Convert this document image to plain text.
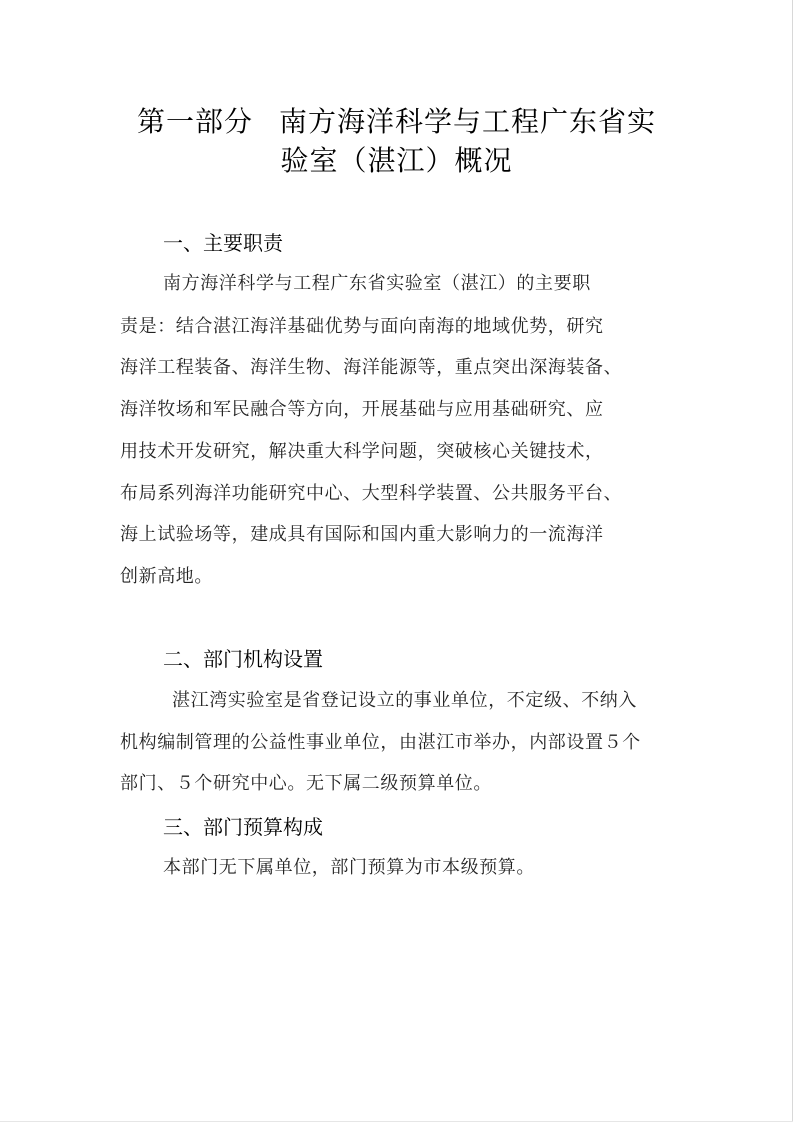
第一部分 南方海洋科学与工程广东省实
验室（湛江）概况
一、主要职责
南方海洋科学与工程广东省实验室（湛江）的主要职
责是：结合湛江海洋基础优势与面向南海的地域优势，研究
海洋工程装备、海洋生物、海洋能源等，重点突出深海装备、
海洋牧场和军民融合等方向，开展基础与应用基础研究、应
用技术开发研究，解决重大科学问题，突破核心关键技术，
布局系列海洋功能研究中心、大型科学装置、公共服务平台、
海上试验场等，建成具有国际和国内重大影响力的一流海洋
创新高地。
二、部门机构设置
湛江湾实验室是省登记设立的事业单位，不定级、不纳入
机构编制管理的公益性事业单位，由湛江市举办，内部设置５个
部门、５个研究中心。无下属二级预算单位。
三、部门预算构成
本部门无下属单位，部门预算为市本级预算。
